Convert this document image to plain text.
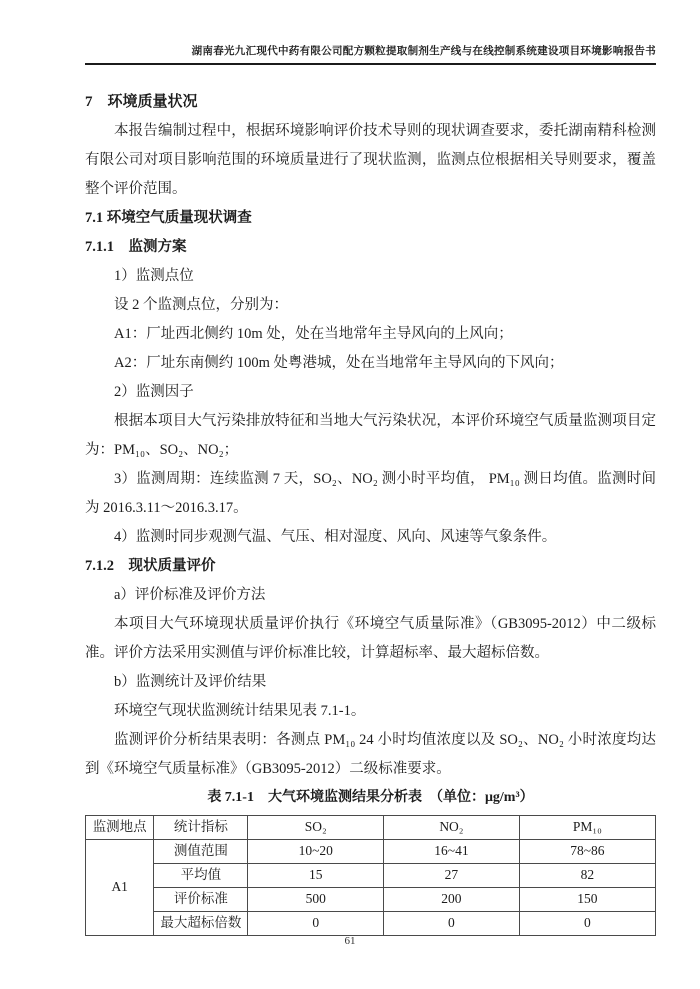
湖南春光九汇现代中药有限公司配方颗粒提取制剂生产线与在线控制系统建设项目环境影响报告书
7　环境质量状况

本报告编制过程中，根据环境影响评价技术导则的现状调查要求，委托湖南精科检测有限公司对项目影响范围的环境质量进行了现状监测，监测点位根据相关导则要求，覆盖整个评价范围。

7.1 环境空气质量现状调查
7.1.1　监测方案

1）监测点位

设 2 个监测点位，分别为：

A1：厂址西北侧约 10m 处，处在当地常年主导风向的上风向；

A2：厂址东南侧约 100m 处粤港城，处在当地常年主导风向的下风向；

2）监测因子

根据本项目大气污染排放特征和当地大气污染状况，本评价环境空气质量监测项目定为：PM₁₀、SO₂、NO₂；

3）监测周期：连续监测 7 天，SO₂、NO₂ 测小时平均值， PM₁₀ 测日均值。监测时间为 2016.3.11～2016.3.17。

4）监测时同步观测气温、气压、相对湿度、风向、风速等气象条件。

7.1.2　现状质量评价

a）评价标准及评价方法

本项目大气环境现状质量评价执行《环境空气质量际准》（GB3095-2012）中二级标准。评价方法采用实测值与评价标准比较，计算超标率、最大超标倍数。

b）监测统计及评价结果

环境空气现状监测统计结果见表 7.1-1。

监测评价分析结果表明：各测点 PM₁₀ 24 小时均值浓度以及 SO₂、NO₂ 小时浓度均达到《环境空气质量标准》（GB3095-2012）二级标准要求。

表 7.1-1　大气环境监测结果分析表　（单位：μg/m³）

监测地点	统计指标	SO₂	NO₂	PM₁₀
A1	测值范围	10~20	16~41	78~86
	平均值	15	27	82
	评价标准	500	200	150
	最大超标倍数	0	0	0
61
